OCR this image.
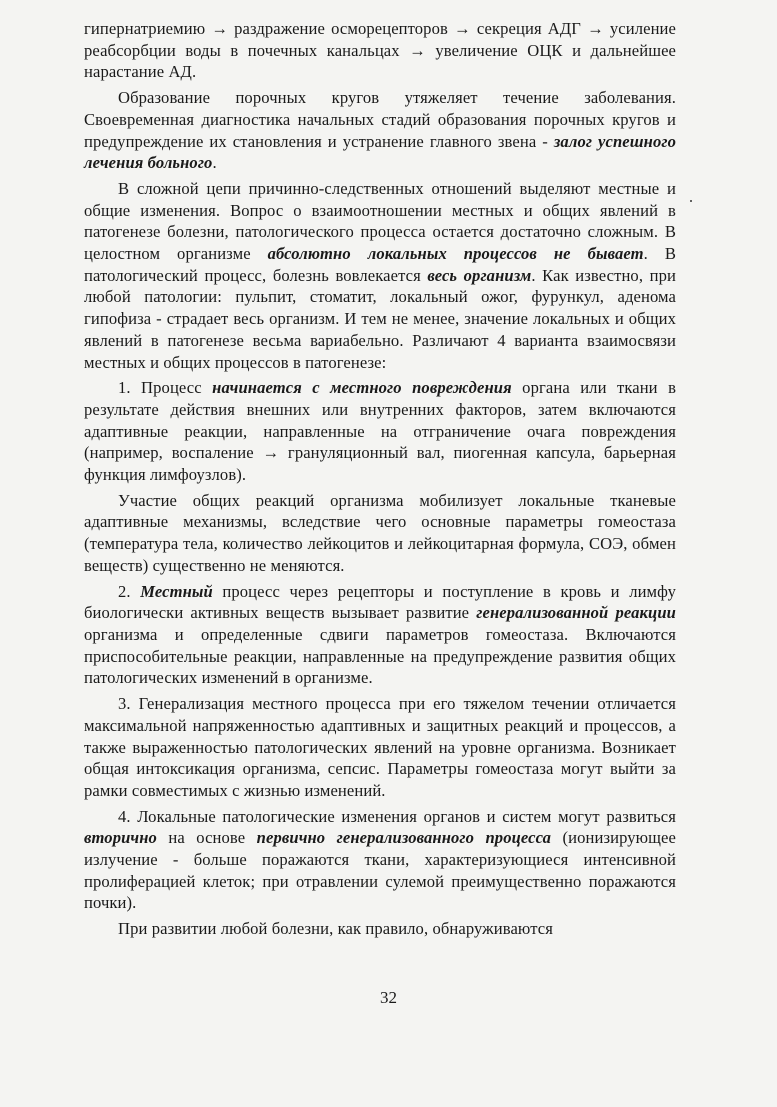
гипернатриемию → раздражение осморецепторов → секреция АДГ → усиление реабсорбции воды в почечных канальцах → увеличение ОЦК и дальнейшее нарастание АД.

Образование порочных кругов утяжеляет течение заболевания. Своевременная диагностика начальных стадий образования порочных кругов и предупреждение их становления и устранение главного звена - залог успешного лечения больного.

В сложной цепи причинно-следственных отношений выделяют местные и общие изменения. Вопрос о взаимоотношении местных и общих явлений в патогенезе болезни, патологического процесса остается достаточно сложным. В целостном организме абсолютно локальных процессов не бывает. В патологический процесс, болезнь вовлекается весь организм. Как известно, при любой патологии: пульпит, стоматит, локальный ожог, фурункул, аденома гипофиза - страдает весь организм. И тем не менее, значение локальных и общих явлений в патогенезе весьма вариабельно. Различают 4 варианта взаимосвязи местных и общих процессов в патогенезе:

1. Процесс начинается с местного повреждения органа или ткани в результате действия внешних или внутренних факторов, затем включаются адаптивные реакции, направленные на отграничение очага повреждения (например, воспаление → грануляционный вал, пиогенная капсула, барьерная функция лимфоузлов).

Участие общих реакций организма мобилизует локальные тканевые адаптивные механизмы, вследствие чего основные параметры гомеостаза (температура тела, количество лейкоцитов и лейкоцитарная формула, СОЭ, обмен веществ) существенно не меняются.

2. Местный процесс через рецепторы и поступление в кровь и лимфу биологически активных веществ вызывает развитие генерализованной реакции организма и определенные сдвиги параметров гомеостаза. Включаются приспособительные реакции, направленные на предупреждение развития общих патологических изменений в организме.

3. Генерализация местного процесса при его тяжелом течении отличается максимальной напряженностью адаптивных и защитных реакций и процессов, а также выраженностью патологических явлений на уровне организма. Возникает общая интоксикация организма, сепсис. Параметры гомеостаза могут выйти за рамки совместимых с жизнью изменений.

4. Локальные патологические изменения органов и систем могут развиться вторично на основе первично генерализованного процесса (ионизирующее излучение - больше поражаются ткани, характеризующиеся интенсивной пролиферацией клеток; при отравлении сулемой преимущественно поражаются почки).

При развитии любой болезни, как правило, обнаруживаются

32
